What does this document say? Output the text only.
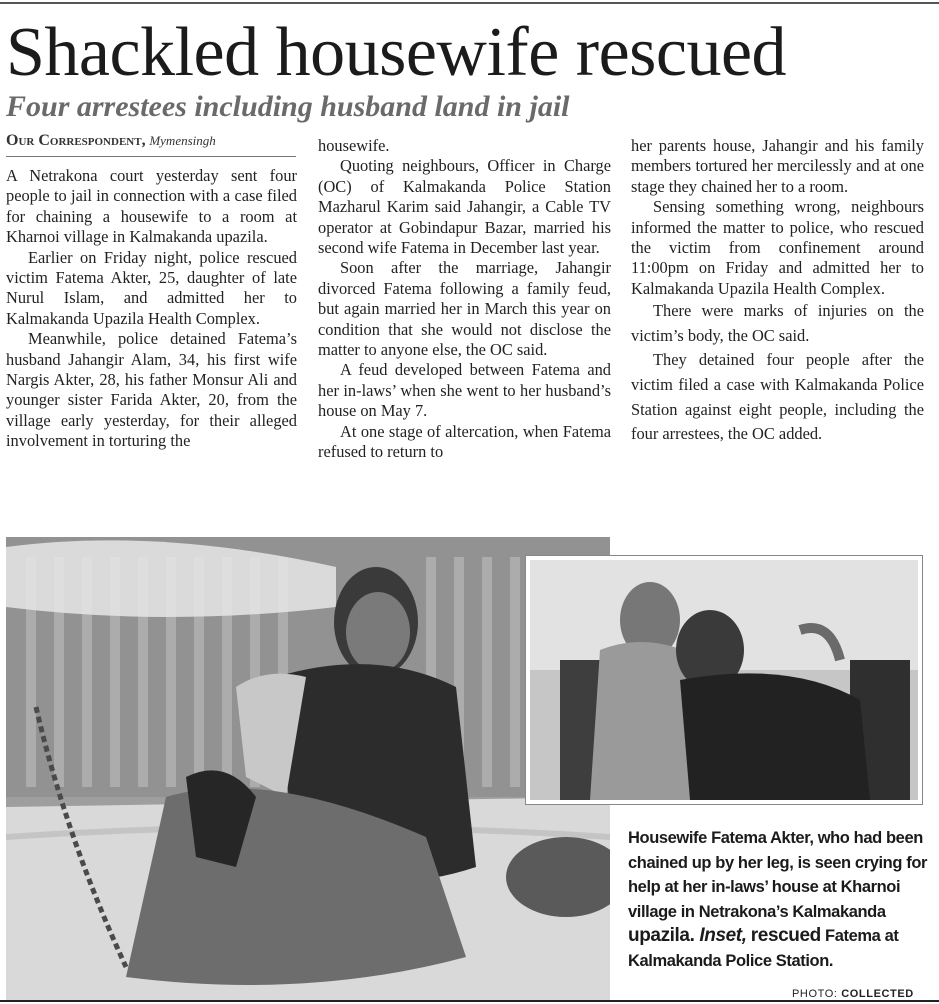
Shackled housewife rescued
Four arrestees including husband land in jail
Our Correspondent, Mymensingh

A Netrakona court yesterday sent four people to jail in connection with a case filed for chaining a housewife to a room at Kharnoi village in Kalmakanda upazila.

Earlier on Friday night, police rescued victim Fatema Akter, 25, daughter of late Nurul Islam, and admitted her to Kalmakanda Upazila Health Complex.

Meanwhile, police detained Fatema’s husband Jahangir Alam, 34, his first wife Nargis Akter, 28, his father Monsur Ali and younger sister Farida Akter, 20, from the village early yesterday, for their alleged involvement in torturing the

housewife.

Quoting neighbours, Officer in Charge (OC) of Kalmakanda Police Station Mazharul Karim said Jahangir, a Cable TV operator at Gobindapur Bazar, married his second wife Fatema in December last year.

Soon after the marriage, Jahangir divorced Fatema following a family feud, but again married her in March this year on condition that she would not disclose the matter to anyone else, the OC said.

A feud developed between Fatema and her in-laws’ when she went to her husband’s house on May 7.

At one stage of altercation, when Fatema refused to return to

her parents house, Jahangir and his family members tortured her mercilessly and at one stage they chained her to a room.

Sensing something wrong, neighbours informed the matter to police, who rescued the victim from confinement around 11:00pm on Friday and admitted her to Kalmakanda Upazila Health Complex.

There were marks of injuries on the victim’s body, the OC said.

They detained four people after the victim filed a case with Kalmakanda Police Station against eight people, including the four arrestees, the OC added.

Housewife Fatema Akter, who had been chained up by her leg, is seen crying for help at her in-laws’ house at Kharnoi village in Netrakona’s Kalmakanda upazila. Inset, rescued Fatema at Kalmakanda Police Station.
PHOTO: COLLECTED
